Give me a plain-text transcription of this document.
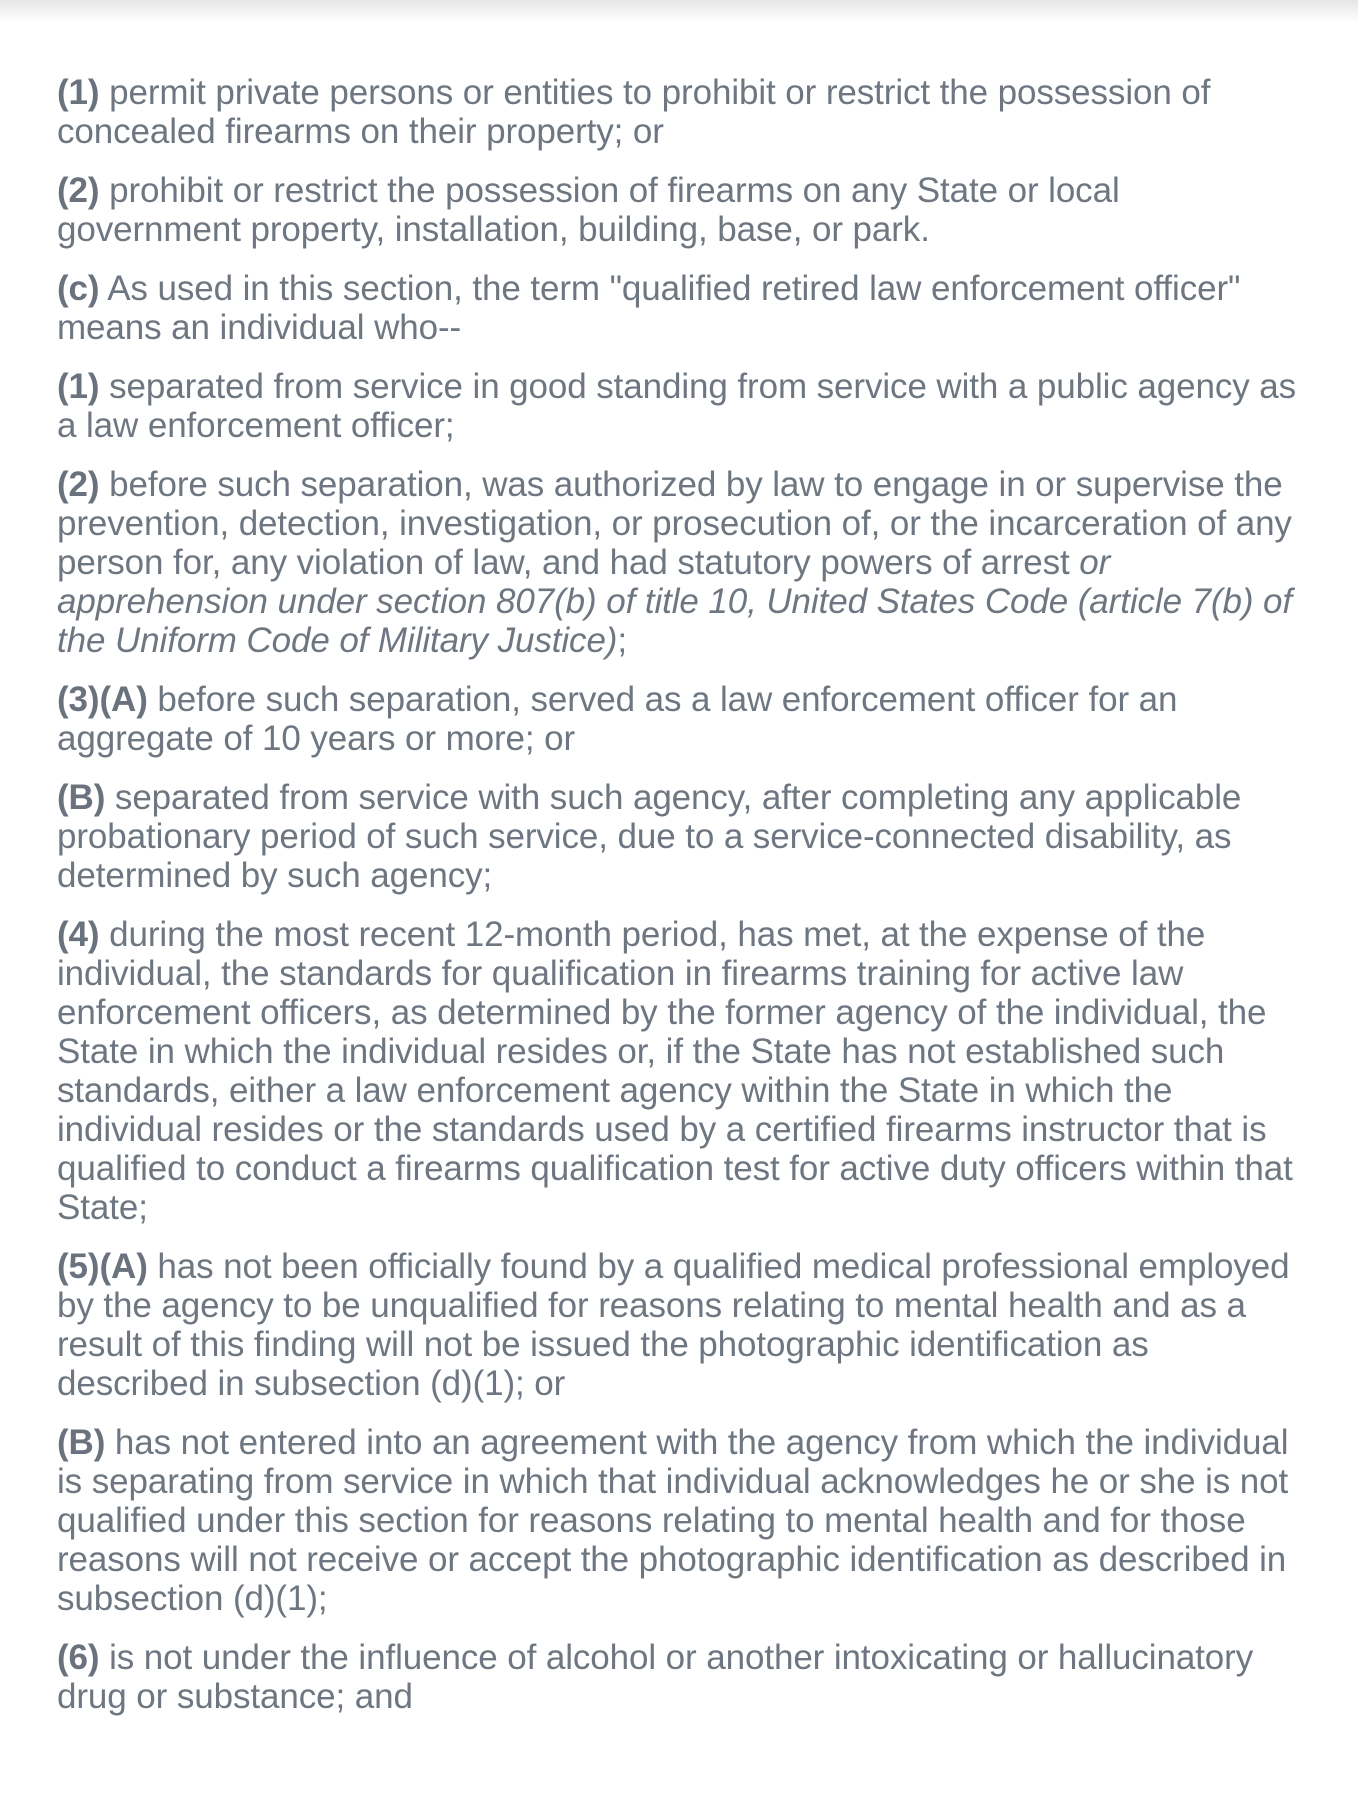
(1) permit private persons or entities to prohibit or restrict the possession of
concealed firearms on their property; or

(2) prohibit or restrict the possession of firearms on any State or local
government property, installation, building, base, or park.

(c) As used in this section, the term "qualified retired law enforcement officer"
means an individual who--

(1) separated from service in good standing from service with a public agency as
a law enforcement officer;

(2) before such separation, was authorized by law to engage in or supervise the
prevention, detection, investigation, or prosecution of, or the incarceration of any
person for, any violation of law, and had statutory powers of arrest or
apprehension under section 807(b) of title 10, United States Code (article 7(b) of
the Uniform Code of Military Justice);

(3)(A) before such separation, served as a law enforcement officer for an
aggregate of 10 years or more; or

(B) separated from service with such agency, after completing any applicable
probationary period of such service, due to a service-connected disability, as
determined by such agency;

(4) during the most recent 12-month period, has met, at the expense of the
individual, the standards for qualification in firearms training for active law
enforcement officers, as determined by the former agency of the individual, the
State in which the individual resides or, if the State has not established such
standards, either a law enforcement agency within the State in which the
individual resides or the standards used by a certified firearms instructor that is
qualified to conduct a firearms qualification test for active duty officers within that
State;

(5)(A) has not been officially found by a qualified medical professional employed
by the agency to be unqualified for reasons relating to mental health and as a
result of this finding will not be issued the photographic identification as
described in subsection (d)(1); or

(B) has not entered into an agreement with the agency from which the individual
is separating from service in which that individual acknowledges he or she is not
qualified under this section for reasons relating to mental health and for those
reasons will not receive or accept the photographic identification as described in
subsection (d)(1);

(6) is not under the influence of alcohol or another intoxicating or hallucinatory
drug or substance; and
